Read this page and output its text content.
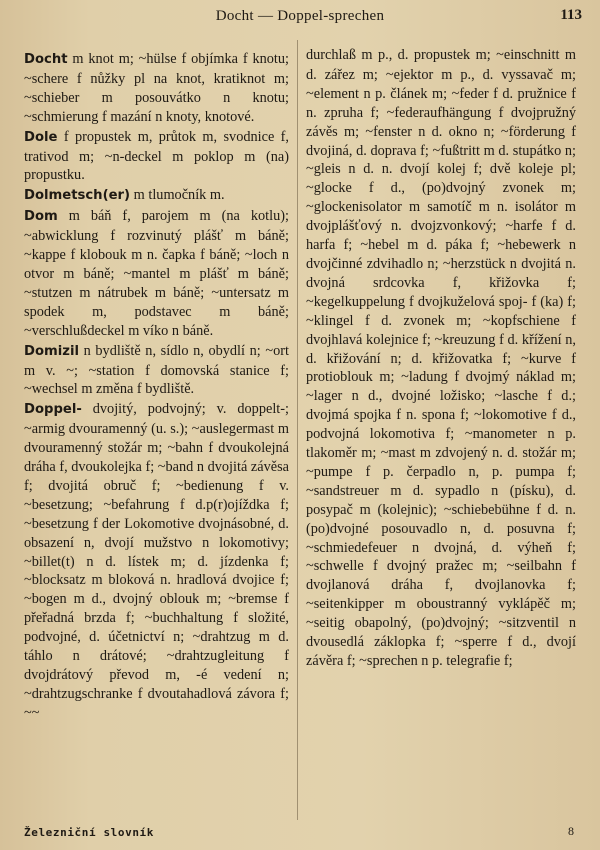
Docht — Doppel-sprechen	113

Docht m knot m; ~hülse f objímka f knotu; ~schere f nůžky pl na knot, kratiknot m; ~schieber m posouvátko n knotu; ~schmierung f mazání n knoty, knotové.

Dole f propustek m, průtok m, svodnice f, trativod m; ~n-deckel m poklop m (na) propustku.

Dolmetsch(er) m tlumočník m.

Dom m báň f, parojem m (na kotlu); ~abwicklung f rozvinutý plášť m báně; ~kappe f klobouk m n. čapka f báně; ~loch n otvor m báně; ~mantel m plášť m báně; ~stutzen m nátrubek m báně; ~untersatz m spodek m, podstavec m báně; ~verschlußdeckel m víko n báně.

Domizil n bydliště n, sídlo n, obydlí n; ~ort m v. ~; ~station f domovská stanice f; ~wechsel m změna f bydliště.

Doppel- dvojitý, podvojný; v. doppelt-; ~armig dvouramenný (u. s.); ~auslegermast m dvouramenný stožár m; ~bahn f dvoukolejná dráha f, dvoukolejka f; ~band n dvojitá závěsa f; dvojitá obruč f; ~bedienung f v. ~besetzung; ~befahrung f d.p(r)ojíždka f; ~besetzung f der Lokomotive dvojnásobné, d. obsazení n, dvojí mužstvo n lokomotivy; ~billet(t) n d. lístek m; d. jízdenka f; ~blocksatz m bloková n. hradlová dvojice f; ~bogen m d., dvojný oblouk m; ~bremse f přeřadná brzda f; ~buchhaltung f složité, podvojné, d. účetnictví n; ~drahtzug m d. táhlo n drátové; ~drahtzugleitung f dvojdrátový převod m, -é vedení n; ~drahtzugschranke f dvoutahadlová závora f; ~~

durchlaß m p., d. propustek m; ~einschnitt m d. zářez m; ~ejektor m p., d. vyssavač m; ~element n p. článek m; ~feder f d. pružnice f n. zpruha f; ~federaufhängung f dvojpružný závěs m; ~fenster n d. okno n; ~förderung f dvojiná, d. doprava f; ~fußtritt m d. stupátko n; ~gleis n d. n. dvojí kolej f; dvě koleje pl; ~glocke f d., (po)dvojný zvonek m; ~glockenisolator m samotíč m n. isolátor m dvojplášťový n. dvojzvonkový; ~harfe f d. harfa f; ~hebel m d. páka f; ~hebewerk n dvojčinné zdvihadlo n; ~herzstück n dvojitá n. dvojná srdcovka f, křižovka f; ~kegelkuppelung f dvojkuželová spoj- f (ka) f; ~klingel f d. zvonek m; ~kopfschiene f dvojhlavá kolejnice f; ~kreuzung f d. křížení n, d. křižování n; d. křižovatka f; ~kurve f protioblouk m; ~ladung f dvojmý náklad m; ~lager n d., dvojné ložisko; ~lasche f d.; dvojmá spojka f n. spona f; ~lokomotive f d., podvojná lokomotiva f; ~manometer n p. tlakoměr m; ~mast m zdvojený n. d. stožár m; ~pumpe f p. čerpadlo n, p. pumpa f; ~sandstreuer m d. sypadlo n (písku), d. posypač m (kolejnic); ~schiebebühne f d. n. (po)dvojné posouvadlo n, d. posuvna f; ~schmiedefeuer n dvojná, d. výheň f; ~schwelle f dvojný pražec m; ~seilbahn f dvojlanová dráha f, dvojlanovka f; ~seitenkipper m oboustranný vyklápěč m; ~seitig obapolný, (po)dvojný; ~sitzventil n dvousedlá záklopka f; ~sperre f d., dvojí závěra f; ~sprechen n p. telegrafie f;

Železniční slovník	8
